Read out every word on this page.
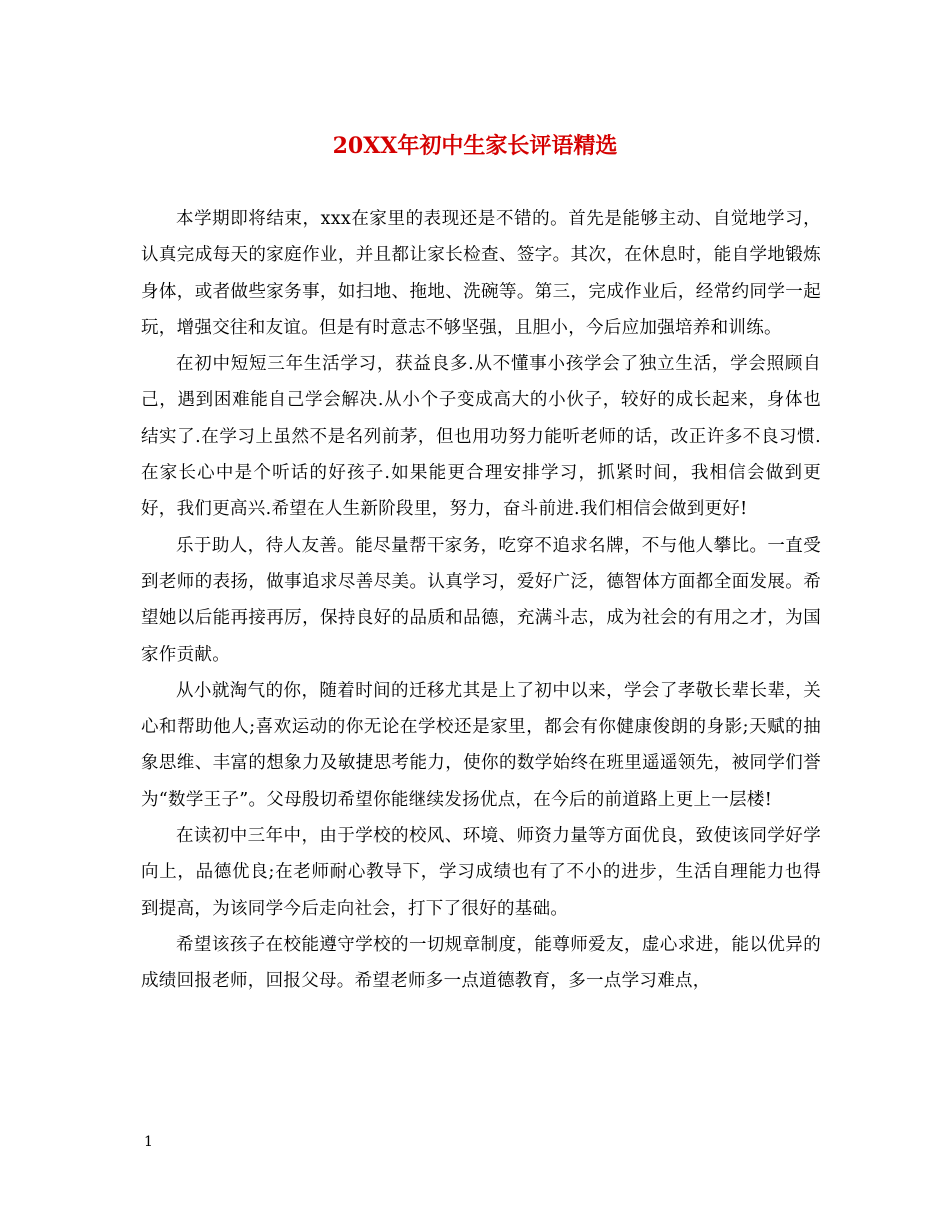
20XX年初中生家长评语精选

本学期即将结束，xxx在家里的表现还是不错的。首先是能够主动、自觉地学习，认真完成每天的家庭作业，并且都让家长检查、签字。其次，在休息时，能自学地锻炼身体，或者做些家务事，如扫地、拖地、洗碗等。第三，完成作业后，经常约同学一起玩，增强交往和友谊。但是有时意志不够坚强，且胆小，今后应加强培养和训练。

在初中短短三年生活学习，获益良多.从不懂事小孩学会了独立生活，学会照顾自己，遇到困难能自己学会解决.从小个子变成高大的小伙子，较好的成长起来，身体也结实了.在学习上虽然不是名列前茅，但也用功努力能听老师的话，改正许多不良习惯.在家长心中是个听话的好孩子.如果能更合理安排学习，抓紧时间，我相信会做到更好，我们更高兴.希望在人生新阶段里，努力，奋斗前进.我们相信会做到更好!

乐于助人，待人友善。能尽量帮干家务，吃穿不追求名牌，不与他人攀比。一直受到老师的表扬，做事追求尽善尽美。认真学习，爱好广泛，德智体方面都全面发展。希望她以后能再接再厉，保持良好的品质和品德，充满斗志，成为社会的有用之才，为国家作贡献。

从小就淘气的你，随着时间的迁移尤其是上了初中以来，学会了孝敬长辈长辈，关心和帮助他人;喜欢运动的你无论在学校还是家里，都会有你健康俊朗的身影;天赋的抽象思维、丰富的想象力及敏捷思考能力，使你的数学始终在班里遥遥领先，被同学们誉为“数学王子”。父母殷切希望你能继续发扬优点，在今后的前道路上更上一层楼!

在读初中三年中，由于学校的校风、环境、师资力量等方面优良，致使该同学好学向上，品德优良;在老师耐心教导下，学习成绩也有了不小的进步，生活自理能力也得到提高，为该同学今后走向社会，打下了很好的基础。

希望该孩子在校能遵守学校的一切规章制度，能尊师爱友，虚心求进，能以优异的成绩回报老师，回报父母。希望老师多一点道德教育，多一点学习难点，

1
